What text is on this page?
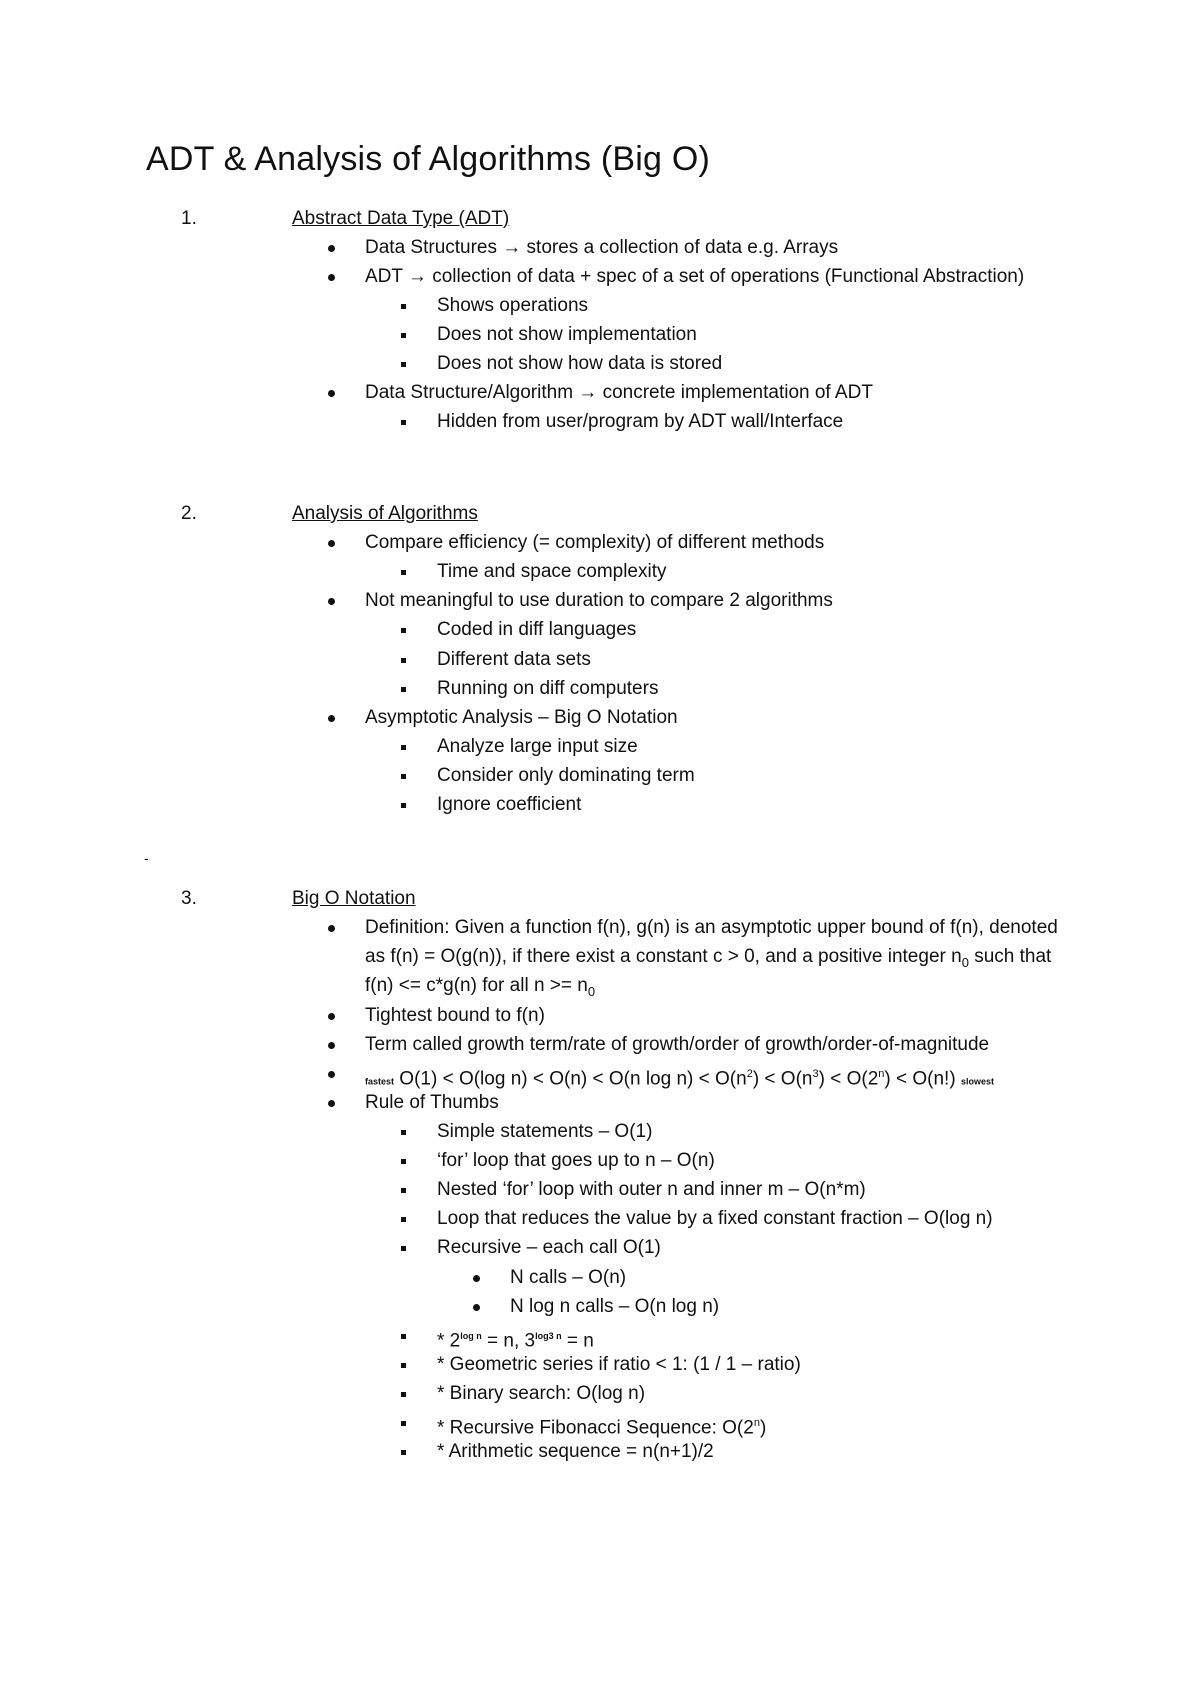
ADT & Analysis of Algorithms (Big O)
1.	Abstract Data Type (ADT)
Data Structures → stores a collection of data e.g. Arrays
ADT → collection of data + spec of a set of operations (Functional Abstraction)
Shows operations
Does not show implementation
Does not show how data is stored
Data Structure/Algorithm → concrete implementation of ADT
Hidden from user/program by ADT wall/Interface
2.	Analysis of Algorithms
Compare efficiency (= complexity) of different methods
Time and space complexity
Not meaningful to use duration to compare 2 algorithms
Coded in diff languages
Different data sets
Running on diff computers
Asymptotic Analysis – Big O Notation
Analyze large input size
Consider only dominating term
Ignore coefficient
-
3.	Big O Notation
Definition: Given a function f(n), g(n) is an asymptotic upper bound of f(n), denoted
as f(n) = O(g(n)), if there exist a constant c > 0, and a positive integer $n_0$ such that
f(n) <= c*g(n) for all $n >= n_0$
Tightest bound to f(n)
Term called growth term/rate of growth/order of growth/order-of-magnitude
fastest O(1) < O(log n) < O(n) < O(n $\log n) < O(n^2) < O(n^3) < O(2^n) < O(n!)$ slowest
Rule of Thumbs
Simple statements – O(1)
‘for’ loop that goes up to n – O(n)
Nested ‘for’ loop with outer n and inner m – O(n*m)
Loop that reduces the value by a fixed constant fraction – O(log n)
Recursive – each call O(1)
N calls – O(n)
N log n calls – O(n log n)
* $2^{log n} = n$, $3^{log3 n} = n$
* Geometric series if ratio < 1: (1 / 1 – ratio)
* Binary search: O(log n)
* Recursive Fibonacci Sequence: O(2$^n$)
* Arithmetic sequence = n(n+1)/2
